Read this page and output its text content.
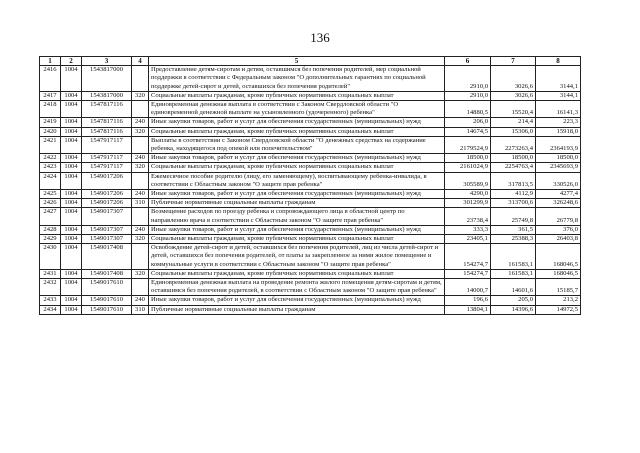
136
1	2	3	4	5	6	7	8
2416	1004	1543817000		Предоставление детям-сиротам и детям, оставшимся без попечения родителей, мер социальной поддержки в соответствии с Федеральным законом "О дополнительных гарантиях по социальной поддержке детей-сирот и детей, оставшихся без попечения родителей"	2910,0	3026,6	3144,1
2417	1004	1543817000	320	Социальные выплаты гражданам, кроме публичных нормативных социальных выплат	2910,0	3026,6	3144,1
2418	1004	1547817116		Единовременная денежная выплата в соответствии с Законом Свердловской области "О единовременной денежной выплате на усыновленного (удочеренного) ребенка"	14880,5	15520,4	16141,3
2419	1004	1547817116	240	Иные закупки товаров, работ и услуг для обеспечения государственных (муниципальных) нужд	206,0	214,4	223,3
2420	1004	1547817116	320	Социальные выплаты гражданам, кроме публичных нормативных социальных выплат	14674,5	15306,0	15918,0
2421	1004	1547917117		Выплаты в соответствии с Законом Свердловской области "О денежных средствах на содержание ребенка, находящегося под опекой или попечительством"	2179524,9	2273263,4	2364193,9
2422	1004	1547917117	240	Иные закупки товаров, работ и услуг для обеспечения государственных (муниципальных) нужд	18500,0	18500,0	18500,0
2423	1004	1547917117	320	Социальные выплаты гражданам, кроме публичных нормативных социальных выплат	2161024,9	2254763,4	2345693,9
2424	1004	1549017206		Ежемесячное пособие родителю (лицу, его заменяющему), воспитывающему ребенка-инвалида, в соответствии с Областным законом "О защите прав ребенка"	305589,9	317813,5	330526,0
2425	1004	1549017206	240	Иные закупки товаров, работ и услуг для обеспечения государственных (муниципальных) нужд	4290,0	4112,9	4277,4
2426	1004	1549017206	310	Публичные нормативные социальные выплаты гражданам	301299,9	313700,6	326248,6
2427	1004	1549017307		Возмещение расходов по проезду ребенка и сопровождающего лица в областной центр по направлению врача в соответствии с Областным законом "О защите прав ребенка"	23738,4	25749,8	26779,8
2428	1004	1549017307	240	Иные закупки товаров, работ и услуг для обеспечения государственных (муниципальных) нужд	333,3	361,5	376,0
2429	1004	1549017307	320	Социальные выплаты гражданам, кроме публичных нормативных социальных выплат	23405,1	25388,3	26403,8
2430	1004	1549017408		Освобождение детей-сирот и детей, оставшихся без попечения родителей, лиц из числа детей-сирот и детей, оставшихся без попечения родителей, от платы за закрепленное за ними жилое помещение и коммунальные услуги в соответствии с Областным законом "О защите прав ребенка"	154274,7	161583,1	168046,5
2431	1004	1549017408	320	Социальные выплаты гражданам, кроме публичных нормативных социальных выплат	154274,7	161583,1	168046,5
2432	1004	1549017610		Единовременная денежная выплата на проведение ремонта жилого помещения детям-сиротам и детям, оставшимся без попечения родителей, в соответствии с Областным законом "О защите прав ребенка"	14000,7	14601,6	15185,7
2433	1004	1549017610	240	Иные закупки товаров, работ и услуг для обеспечения государственных (муниципальных) нужд	196,6	205,0	213,2
2434	1004	1549017610	310	Публичные нормативные социальные выплаты гражданам	13804,1	14396,6	14972,5
